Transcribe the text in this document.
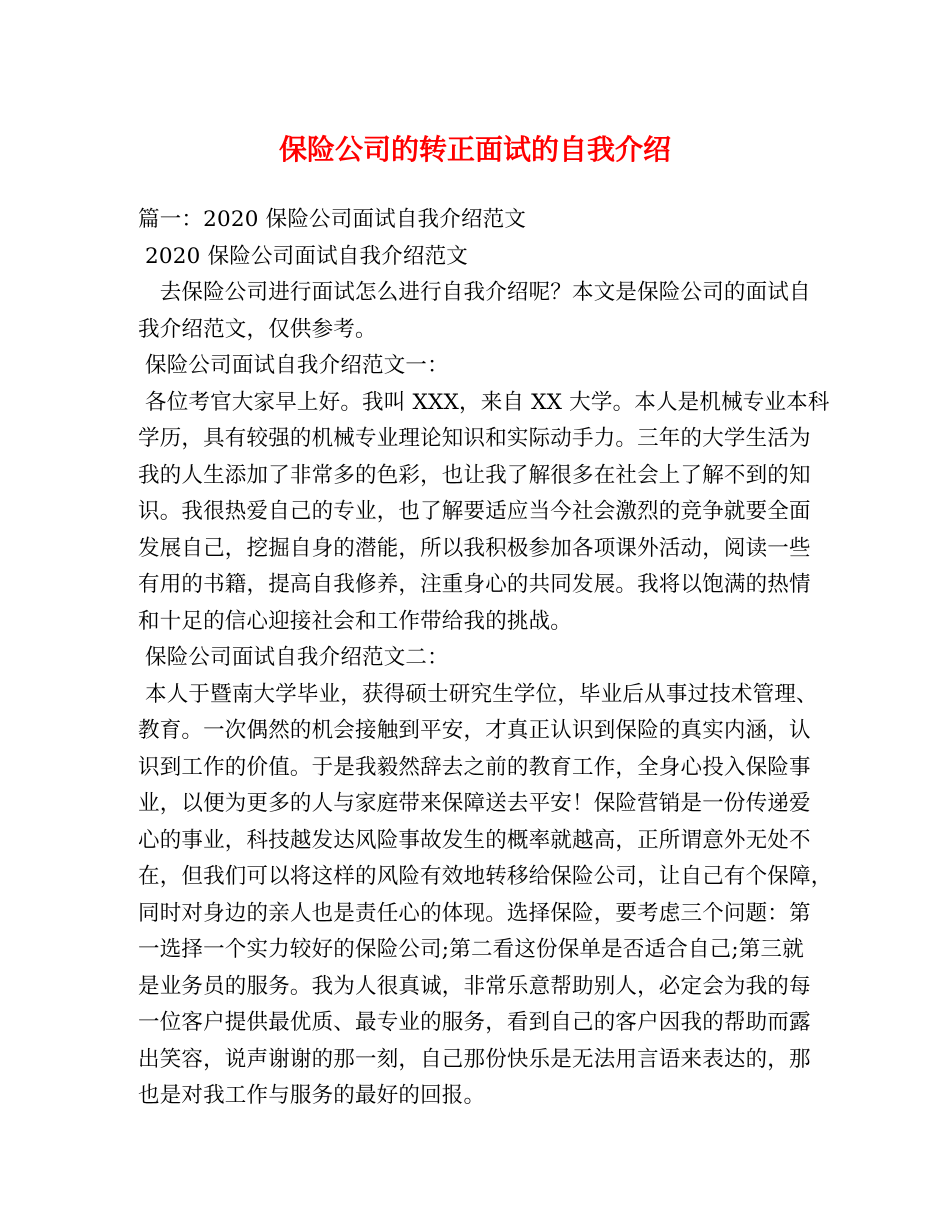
保险公司的转正面试的自我介绍
篇一：2020 保险公司面试自我介绍范文
2020 保险公司面试自我介绍范文
　去保险公司进行面试怎么进行自我介绍呢？本文是保险公司的面试自
我介绍范文，仅供参考。
保险公司面试自我介绍范文一：
各位考官大家早上好。我叫 XXX，来自 XX 大学。本人是机械专业本科
学历，具有较强的机械专业理论知识和实际动手力。三年的大学生活为
我的人生添加了非常多的色彩，也让我了解很多在社会上了解不到的知
识。我很热爱自己的专业，也了解要适应当今社会激烈的竞争就要全面
发展自己，挖掘自身的潜能，所以我积极参加各项课外活动，阅读一些
有用的书籍，提高自我修养，注重身心的共同发展。我将以饱满的热情
和十足的信心迎接社会和工作带给我的挑战。
保险公司面试自我介绍范文二：
本人于暨南大学毕业，获得硕士研究生学位，毕业后从事过技术管理、
教育。一次偶然的机会接触到平安，才真正认识到保险的真实内涵，认
识到工作的价值。于是我毅然辞去之前的教育工作，全身心投入保险事
业，以便为更多的人与家庭带来保障送去平安！保险营销是一份传递爱
心的事业，科技越发达风险事故发生的概率就越高，正所谓意外无处不
在，但我们可以将这样的风险有效地转移给保险公司，让自己有个保障，
同时对身边的亲人也是责任心的体现。选择保险，要考虑三个问题：第
一选择一个实力较好的保险公司;第二看这份保单是否适合自己;第三就
是业务员的服务。我为人很真诚，非常乐意帮助别人，必定会为我的每
一位客户提供最优质、最专业的服务，看到自己的客户因我的帮助而露
出笑容，说声谢谢的那一刻，自己那份快乐是无法用言语来表达的，那
也是对我工作与服务的最好的回报。
